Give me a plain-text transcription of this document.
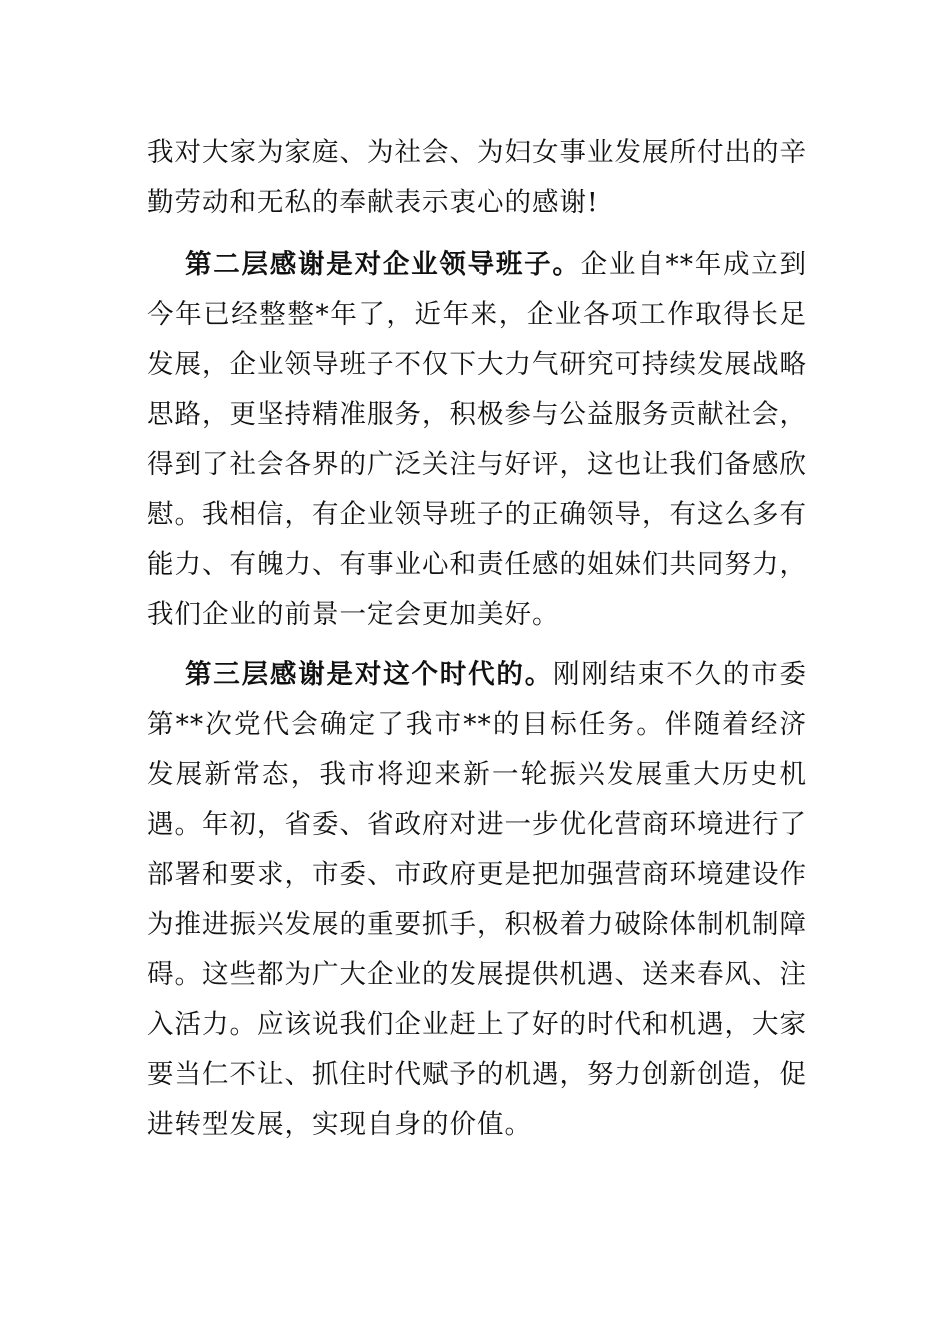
我对大家为家庭、为社会、为妇女事业发展所付出的辛勤劳动和无私的奉献表示衷心的感谢!

第二层感谢是对企业领导班子。企业自**年成立到今年已经整整*年了，近年来，企业各项工作取得长足发展，企业领导班子不仅下大力气研究可持续发展战略思路，更坚持精准服务，积极参与公益服务贡献社会，得到了社会各界的广泛关注与好评，这也让我们备感欣慰。我相信，有企业领导班子的正确领导，有这么多有能力、有魄力、有事业心和责任感的姐妹们共同努力，我们企业的前景一定会更加美好。

第三层感谢是对这个时代的。刚刚结束不久的市委第**次党代会确定了我市**的目标任务。伴随着经济发展新常态，我市将迎来新一轮振兴发展重大历史机遇。年初，省委、省政府对进一步优化营商环境进行了部署和要求，市委、市政府更是把加强营商环境建设作为推进振兴发展的重要抓手，积极着力破除体制机制障碍。这些都为广大企业的发展提供机遇、送来春风、注入活力。应该说我们企业赶上了好的时代和机遇，大家要当仁不让、抓住时代赋予的机遇，努力创新创造，促进转型发展，实现自身的价值。
